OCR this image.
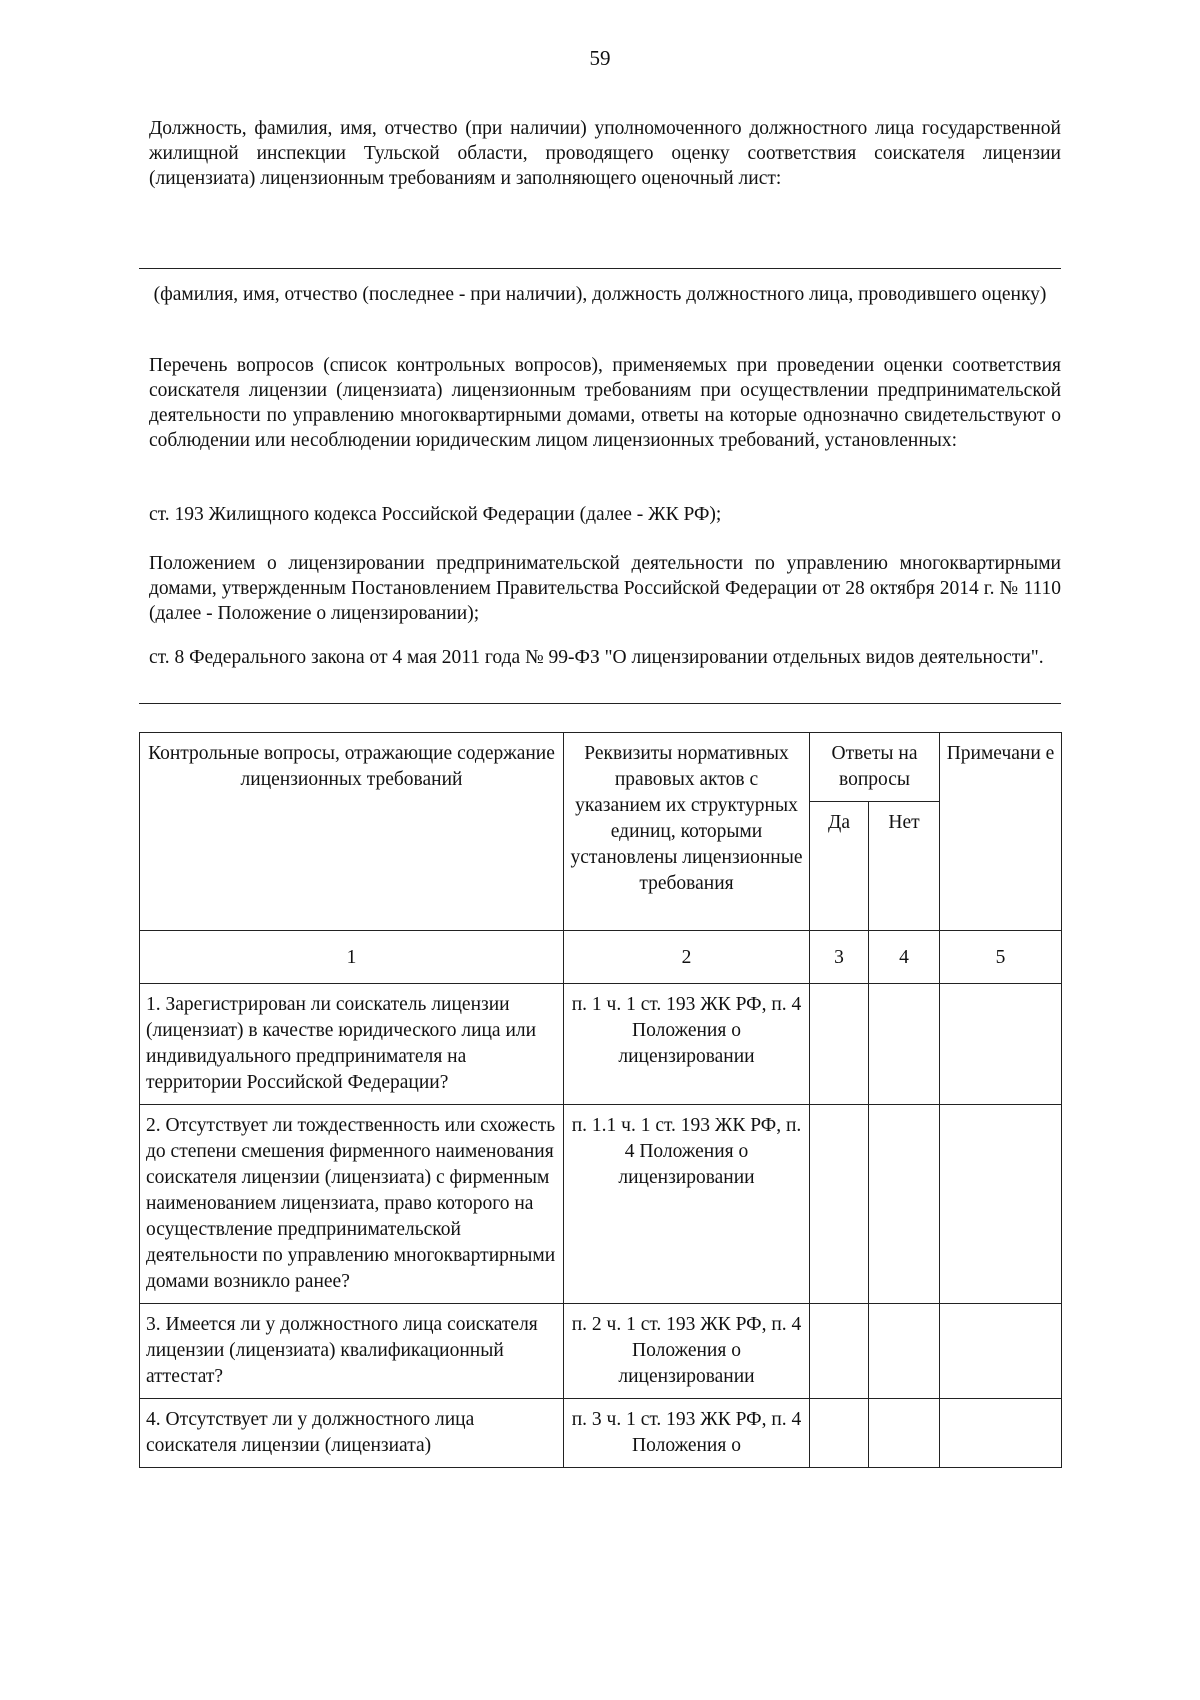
59
Должность, фамилия, имя, отчество (при наличии) уполномоченного должностного лица государственной жилищной инспекции Тульской области, проводящего оценку соответствия соискателя лицензии (лицензиата) лицензионным требованиям и заполняющего оценочный лист:
(фамилия, имя, отчество (последнее - при наличии), должность должностного лица, проводившего оценку)
Перечень вопросов (список контрольных вопросов), применяемых при проведении оценки соответствия соискателя лицензии (лицензиата) лицензионным требованиям при осуществлении предпринимательской деятельности по управлению многоквартирными домами, ответы на которые однозначно свидетельствуют о соблюдении или несоблюдении юридическим лицом лицензионных требований, установленных:
ст. 193 Жилищного кодекса Российской Федерации (далее - ЖК РФ);
Положением о лицензировании предпринимательской деятельности по управлению многоквартирными домами, утвержденным Постановлением Правительства Российской Федерации от 28 октября 2014 г. № 1110 (далее - Положение о лицензировании);
ст. 8 Федерального закона от 4 мая 2011 года № 99-ФЗ "О лицензировании отдельных видов деятельности".
Контрольные вопросы, отражающие содержание лицензионных требований	Реквизиты нормативных правовых актов с указанием их структурных единиц, которыми установлены лицензионные требования	Ответы на вопросы		Примечани е
		Да	Нет	
1	2	3	4	5
1. Зарегистрирован ли соискатель лицензии (лицензиат) в качестве юридического лица или индивидуального предпринимателя на территории Российской Федерации?	п. 1 ч. 1 ст. 193 ЖК РФ, п. 4 Положения о лицензировании			
2. Отсутствует ли тождественность или схожесть до степени смешения фирменного наименования соискателя лицензии (лицензиата) с фирменным наименованием лицензиата, право которого на осуществление предпринимательской деятельности по управлению многоквартирными домами возникло ранее?	п. 1.1 ч. 1 ст. 193 ЖК РФ, п. 4 Положения о лицензировании			
3. Имеется ли у должностного лица соискателя лицензии (лицензиата) квалификационный аттестат?	п. 2 ч. 1 ст. 193 ЖК РФ, п. 4 Положения о лицензировании			
4. Отсутствует ли у должностного лица соискателя лицензии (лицензиата)	п. 3 ч. 1 ст. 193 ЖК РФ, п. 4 Положения о			
